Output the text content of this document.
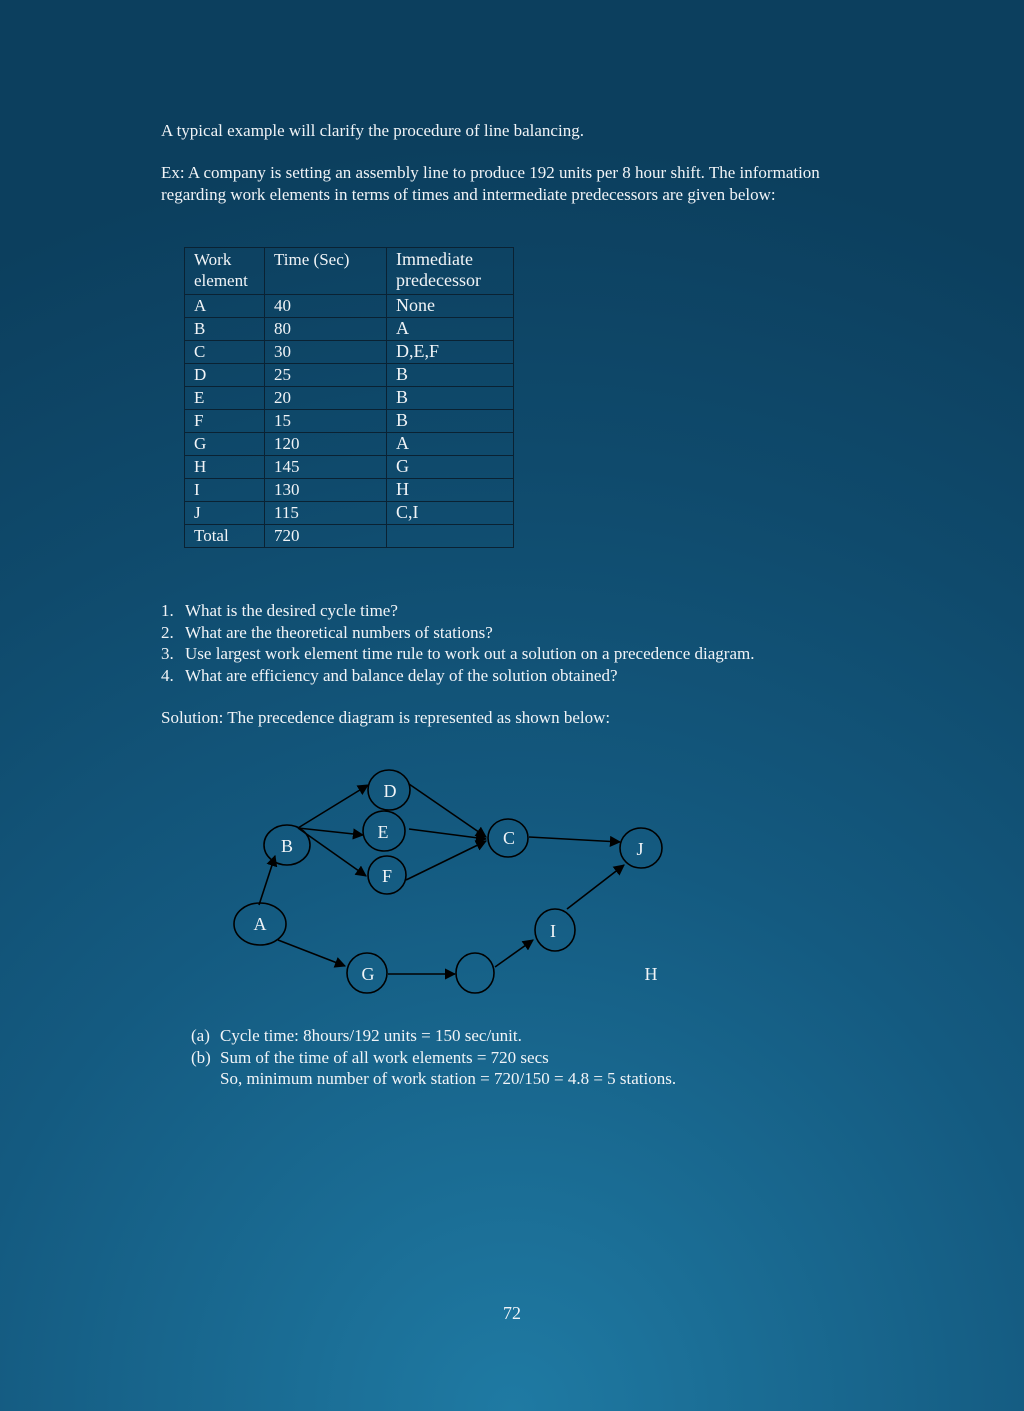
A typical example will clarify the procedure of line balancing.
Ex: A company is setting an assembly line to produce 192 units per 8 hour shift. The information regarding work elements in terms of times and intermediate predecessors are given below:
Work element	Time (Sec)	Immediate predecessor
A	40	None
B	80	A
C	30	D,E,F
D	25	B
E	20	B
F	15	B
G	120	A
H	145	G
I	130	H
J	115	C,I
Total	720	
1. What is the desired cycle time?
2. What are the theoretical numbers of stations?
3. Use largest work element time rule to work out a solution on a precedence diagram.
4. What are efficiency and balance delay of the solution obtained?
Solution: The precedence diagram is represented as shown below:
A
B
D
E
F
C
J
G
I
H
(a) Cycle time: 8hours/192 units = 150 sec/unit.
(b) Sum of the time of all work elements = 720 secs
So, minimum number of work station = 720/150 = 4.8 = 5 stations.
72
